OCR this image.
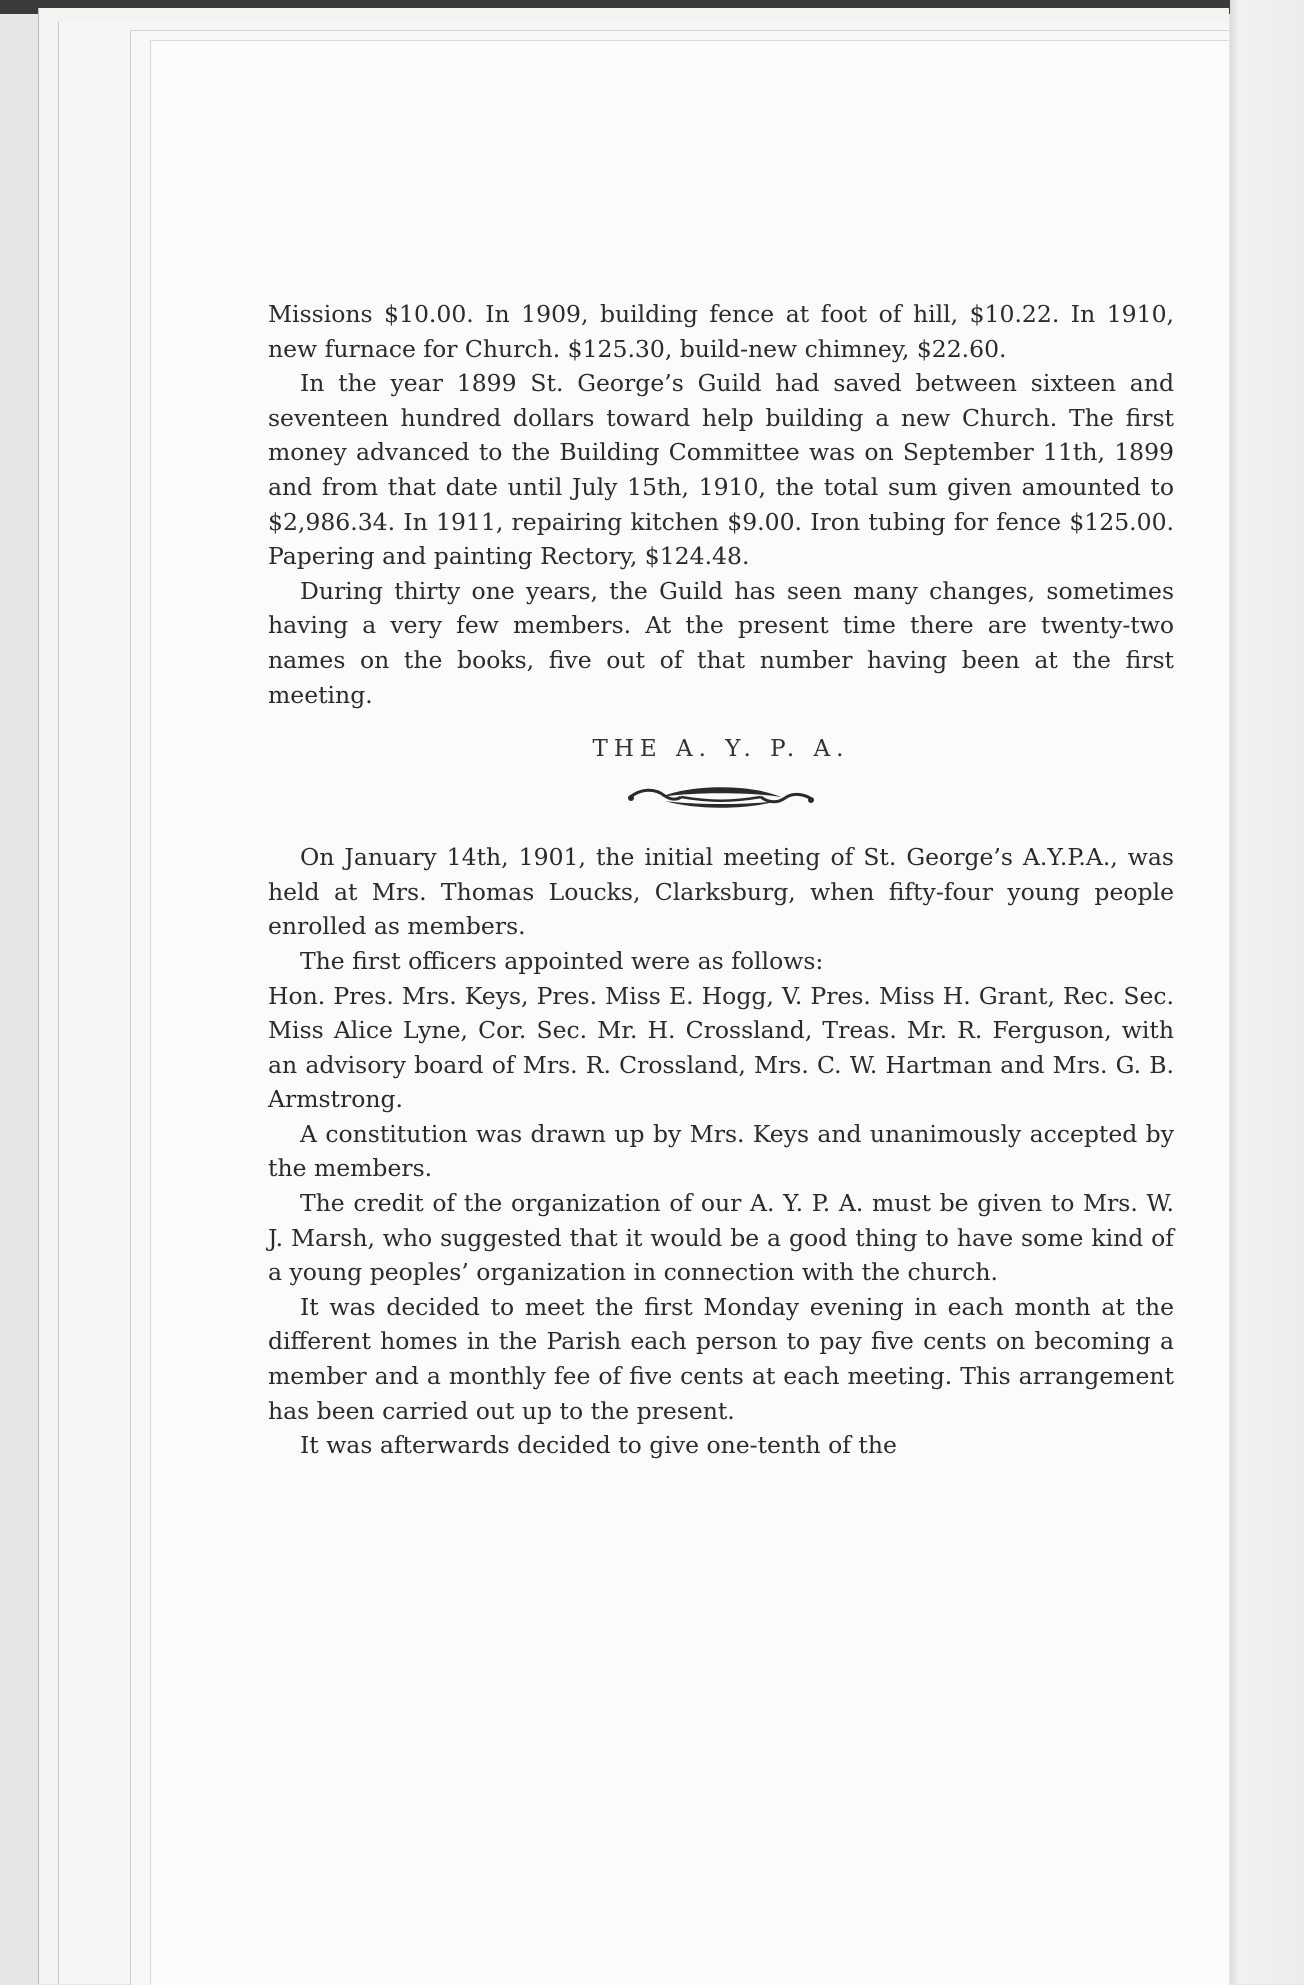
Missions $10.00. In 1909, building fence at foot of hill, $10.22. In 1910, new furnace for Church. $125.30, build-new chimney, $22.60.

In the year 1899 St. George’s Guild had saved between sixteen and seventeen hundred dollars toward help building a new Church. The first money advanced to the Building Committee was on September 11th, 1899 and from that date until July 15th, 1910, the total sum given amounted to $2,986.34. In 1911, repairing kitchen $9.00. Iron tubing for fence $125.00. Papering and painting Rectory, $124.48.

During thirty one years, the Guild has seen many changes, sometimes having a very few members. At the present time there are twenty-two names on the books, five out of that number having been at the first meeting.

THE A. Y. P. A.

On January 14th, 1901, the initial meeting of St. George’s A.Y.P.A., was held at Mrs. Thomas Loucks, Clarksburg, when fifty-four young people enrolled as members.

The first officers appointed were as follows:

Hon. Pres. Mrs. Keys, Pres. Miss E. Hogg, V. Pres. Miss H. Grant, Rec. Sec. Miss Alice Lyne, Cor. Sec. Mr. H. Crossland, Treas. Mr. R. Ferguson, with an advisory board of Mrs. R. Crossland, Mrs. C. W. Hartman and Mrs. G. B. Armstrong.

A constitution was drawn up by Mrs. Keys and unanimously accepted by the members.

The credit of the organization of our A. Y. P. A. must be given to Mrs. W. J. Marsh, who suggested that it would be a good thing to have some kind of a young peoples’ organization in connection with the church.

It was decided to meet the first Monday evening in each month at the different homes in the Parish each person to pay five cents on becoming a member and a monthly fee of five cents at each meeting. This arrangement has been carried out up to the present.

It was afterwards decided to give one-tenth of the
